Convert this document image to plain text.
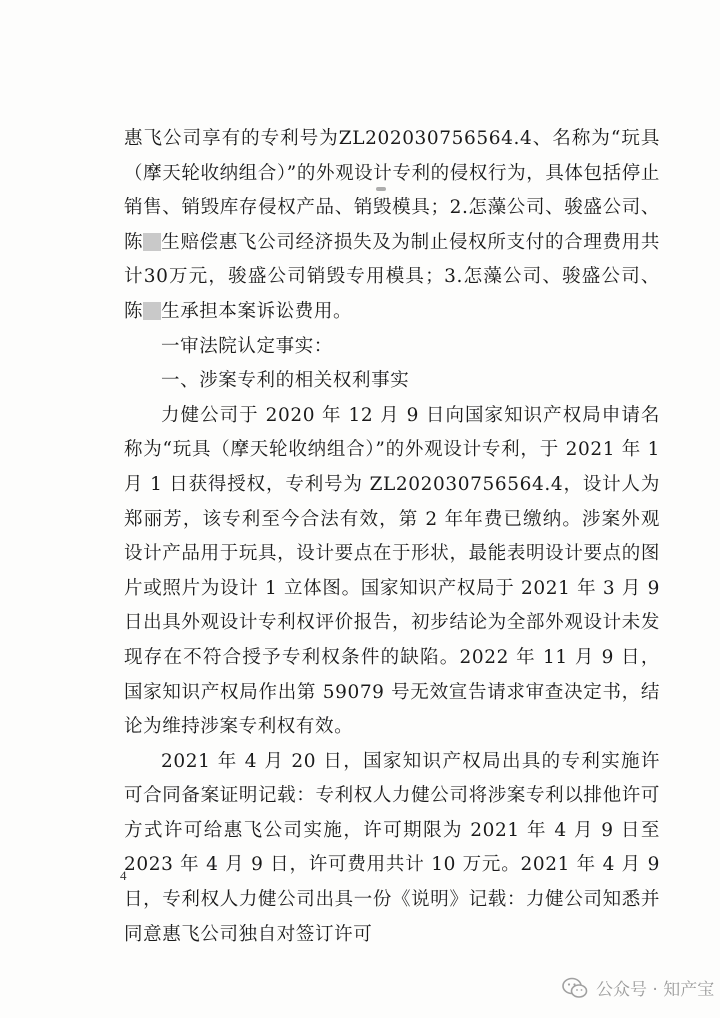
惠飞公司享有的专利号为ZL202030756564.4、名称为“玩具（摩天轮收纳组合）”的外观设计专利的侵权行为，具体包括停止销售、销毁库存侵权产品、销毁模具；2.怎藻公司、骏盛公司、陈 生赔偿惠飞公司经济损失及为制止侵权所支付的合理费用共计30万元，骏盛公司销毁专用模具；3.怎藻公司、骏盛公司、陈 生承担本案诉讼费用。

一审法院认定事实：

一、涉案专利的相关权利事实

力健公司于 2020 年 12 月 9 日向国家知识产权局申请名称为“玩具（摩天轮收纳组合）”的外观设计专利，于 2021 年 1 月 1 日获得授权，专利号为 ZL202030756564.4，设计人为郑丽芳，该专利至今合法有效，第 2 年年费已缴纳。涉案外观设计产品用于玩具，设计要点在于形状，最能表明设计要点的图片或照片为设计 1 立体图。国家知识产权局于 2021 年 3 月 9 日出具外观设计专利权评价报告，初步结论为全部外观设计未发现存在不符合授予专利权条件的缺陷。2022 年 11 月 9 日，国家知识产权局作出第 59079 号无效宣告请求审查决定书，结论为维持涉案专利权有效。

2021 年 4 月 20 日，国家知识产权局出具的专利实施许可合同备案证明记载：专利权人力健公司将涉案专利以排他许可方式许可给惠飞公司实施，许可期限为 2021 年 4 月 9 日至 2023 年 4 月 9 日，许可费用共计 10 万元。2021 年 4 月 9 日，专利权人力健公司出具一份《说明》记载：力健公司知悉并同意惠飞公司独自对签订许可

4
公众号 · 知产宝
